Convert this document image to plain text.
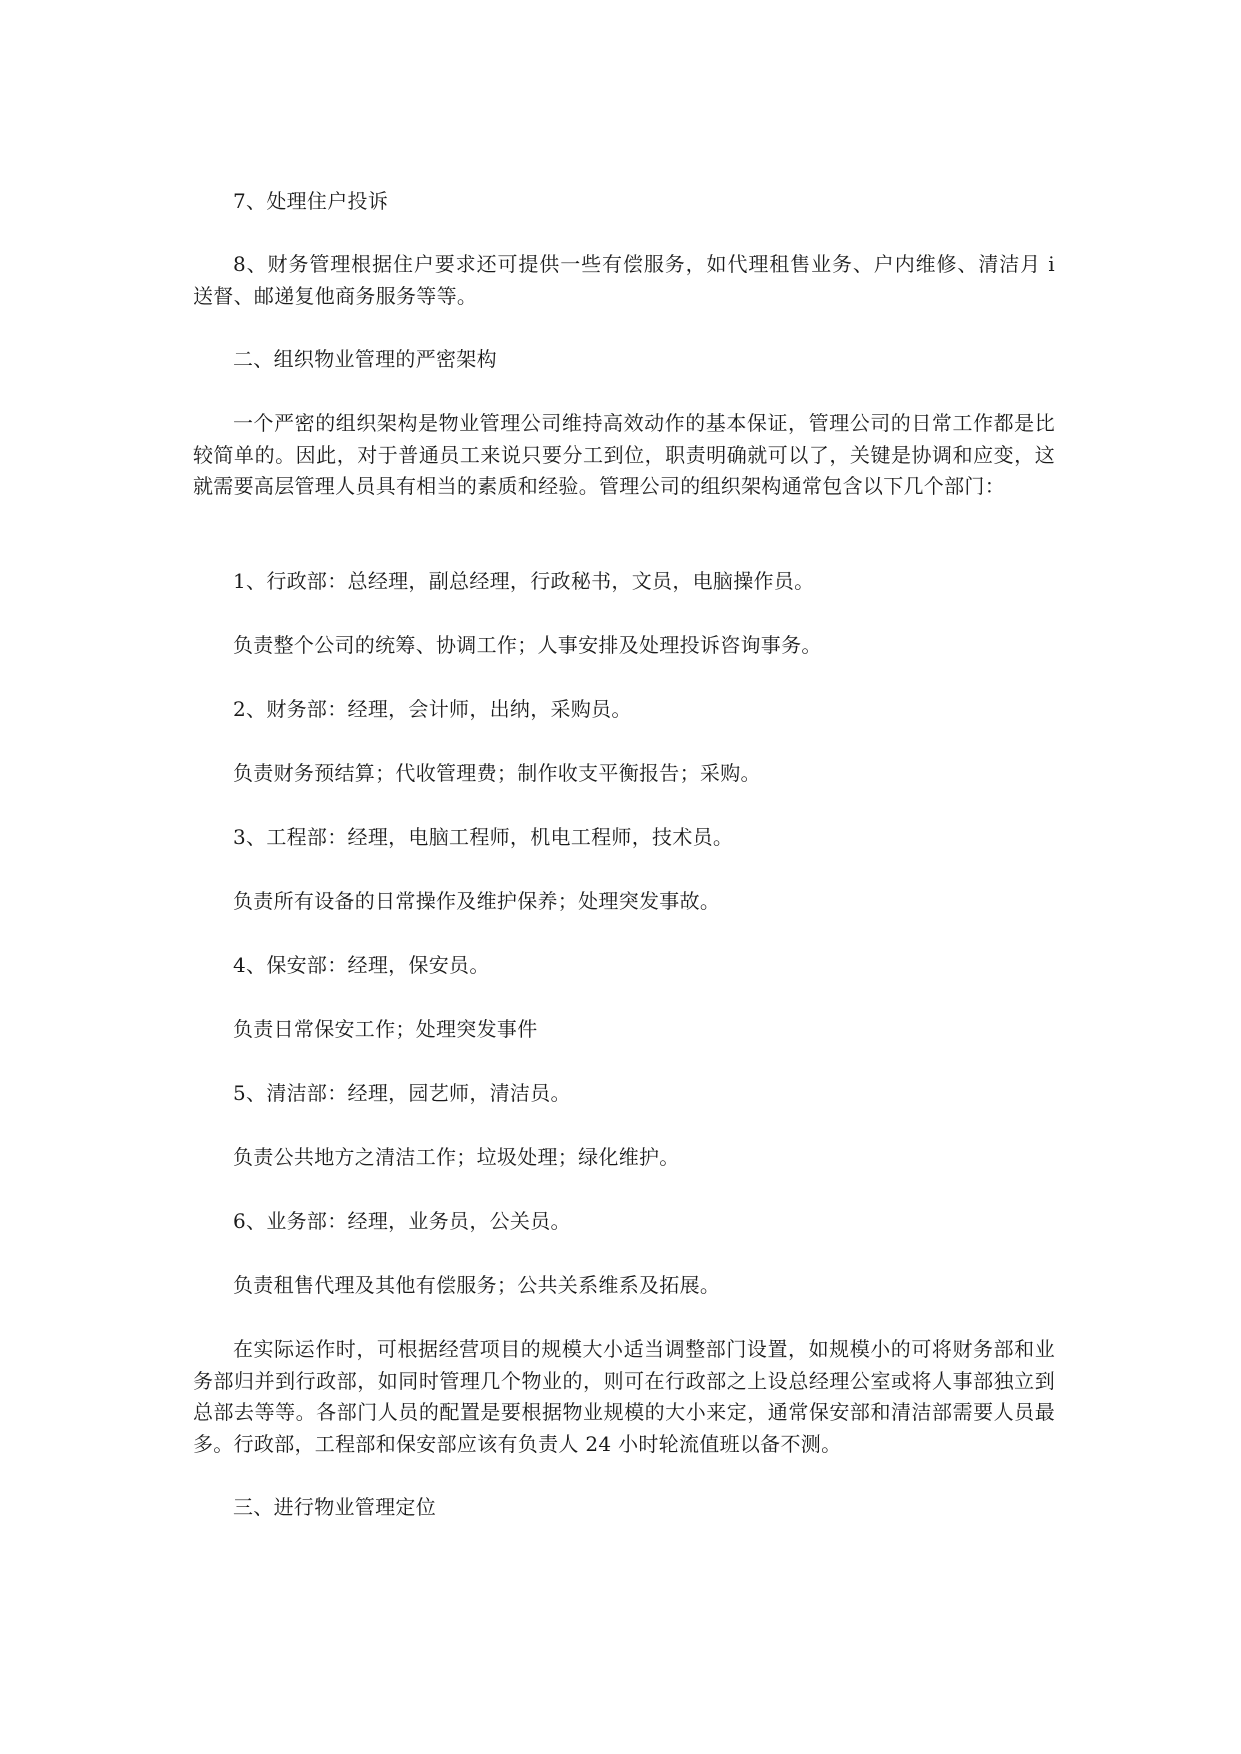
7、处理住户投诉

8、财务管理根据住户要求还可提供一些有偿服务，如代理租售业务、户内维修、清洁月 i 送督、邮递复他商务服务等等。

二、组织物业管理的严密架构

一个严密的组织架构是物业管理公司维持高效动作的基本保证，管理公司的日常工作都是比较简单的。因此，对于普通员工来说只要分工到位，职责明确就可以了，关键是协调和应变，这就需要高层管理人员具有相当的素质和经验。管理公司的组织架构通常包含以下几个部门：

1、行政部：总经理，副总经理，行政秘书，文员，电脑操作员。

负责整个公司的统筹、协调工作；人事安排及处理投诉咨询事务。

2、财务部：经理，会计师，出纳，采购员。

负责财务预结算；代收管理费；制作收支平衡报告；采购。

3、工程部：经理，电脑工程师，机电工程师，技术员。

负责所有设备的日常操作及维护保养；处理突发事故。

4、保安部：经理，保安员。

负责日常保安工作；处理突发事件

5、清洁部：经理，园艺师，清洁员。

负责公共地方之清洁工作；垃圾处理；绿化维护。

6、业务部：经理，业务员，公关员。

负责租售代理及其他有偿服务；公共关系维系及拓展。

在实际运作时，可根据经营项目的规模大小适当调整部门设置，如规模小的可将财务部和业务部归并到行政部，如同时管理几个物业的，则可在行政部之上设总经理公室或将人事部独立到总部去等等。各部门人员的配置是要根据物业规模的大小来定，通常保安部和清洁部需要人员最多。行政部，工程部和保安部应该有负责人 24 小时轮流值班以备不测。

三、进行物业管理定位
